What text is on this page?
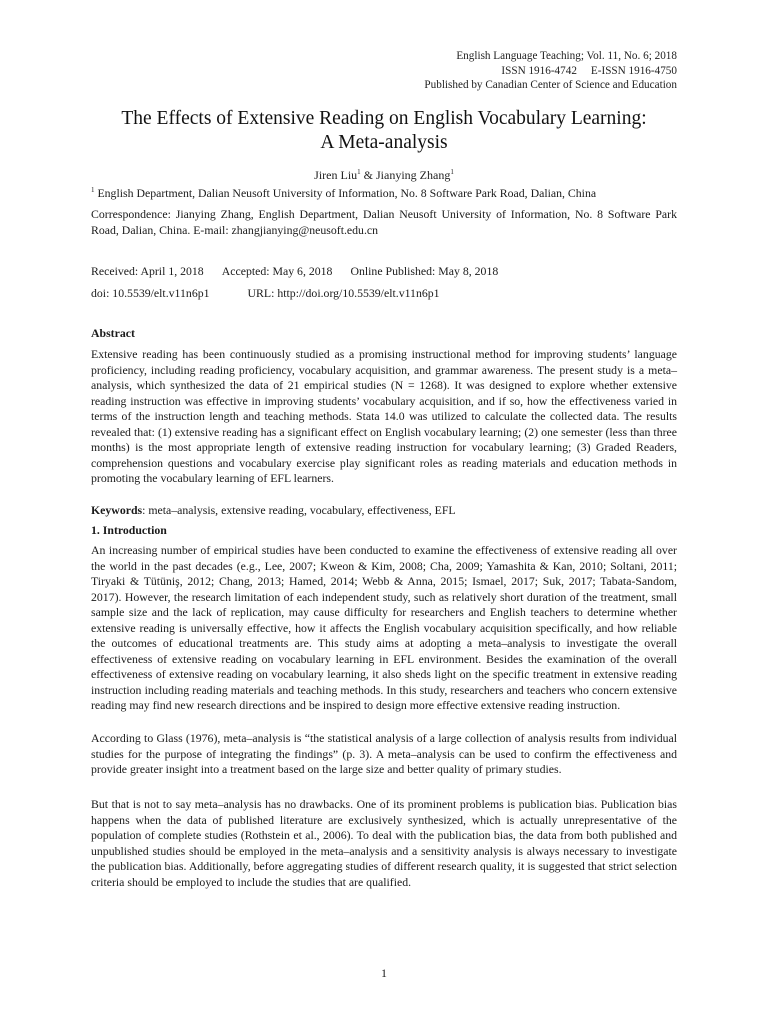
English Language Teaching; Vol. 11, No. 6; 2018
ISSN 1916-4742     E-ISSN 1916-4750
Published by Canadian Center of Science and Education
The Effects of Extensive Reading on English Vocabulary Learning:
A Meta-analysis
Jiren Liu$^1$ & Jianying Zhang$^1$
$^1$ English Department, Dalian Neusoft University of Information, No. 8 Software Park Road, Dalian, China
Correspondence: Jianying Zhang, English Department, Dalian Neusoft University of Information, No. 8 Software Park Road, Dalian, China. E-mail: zhangjianying@neusoft.edu.cn
Received: April 1, 2018 Accepted: May 6, 2018 Online Published: May 8, 2018
doi: 10.5539/elt.v11n6p1	URL: http://doi.org/10.5539/elt.v11n6p1
Abstract
Extensive reading has been continuously studied as a promising instructional method for improving students’ language proficiency, including reading proficiency, vocabulary acquisition, and grammar awareness. The present study is a meta–analysis, which synthesized the data of 21 empirical studies (N = 1268). It was designed to explore whether extensive reading instruction was effective in improving students’ vocabulary acquisition, and if so, how the effectiveness varied in terms of the instruction length and teaching methods. Stata 14.0 was utilized to calculate the collected data. The results revealed that: (1) extensive reading has a significant effect on English vocabulary learning; (2) one semester (less than three months) is the most appropriate length of extensive reading instruction for vocabulary learning; (3) Graded Readers, comprehension questions and vocabulary exercise play significant roles as reading materials and education methods in promoting the vocabulary learning of EFL learners.
Keywords: meta–analysis, extensive reading, vocabulary, effectiveness, EFL
1. Introduction
An increasing number of empirical studies have been conducted to examine the effectiveness of extensive reading all over the world in the past decades (e.g., Lee, 2007; Kweon & Kim, 2008; Cha, 2009; Yamashita & Kan, 2010; Soltani, 2011; Tiryaki & Tütüniş, 2012; Chang, 2013; Hamed, 2014; Webb & Anna, 2015; Ismael, 2017; Suk, 2017; Tabata-Sandom, 2017). However, the research limitation of each independent study, such as relatively short duration of the treatment, small sample size and the lack of replication, may cause difficulty for researchers and English teachers to determine whether extensive reading is universally effective, how it affects the English vocabulary acquisition specifically, and how reliable the outcomes of educational treatments are. This study aims at adopting a meta–analysis to investigate the overall effectiveness of extensive reading on vocabulary learning in EFL environment. Besides the examination of the overall effectiveness of extensive reading on vocabulary learning, it also sheds light on the specific treatment in extensive reading instruction including reading materials and teaching methods. In this study, researchers and teachers who concern extensive reading may find new research directions and be inspired to design more effective extensive reading instruction.
According to Glass (1976), meta–analysis is “the statistical analysis of a large collection of analysis results from individual studies for the purpose of integrating the findings” (p. 3). A meta–analysis can be used to confirm the effectiveness and provide greater insight into a treatment based on the large size and better quality of primary studies.
But that is not to say meta–analysis has no drawbacks. One of its prominent problems is publication bias. Publication bias happens when the data of published literature are exclusively synthesized, which is actually unrepresentative of the population of complete studies (Rothstein et al., 2006). To deal with the publication bias, the data from both published and unpublished studies should be employed in the meta–analysis and a sensitivity analysis is always necessary to investigate the publication bias. Additionally, before aggregating studies of different research quality, it is suggested that strict selection criteria should be employed to include the studies that are qualified.
1
